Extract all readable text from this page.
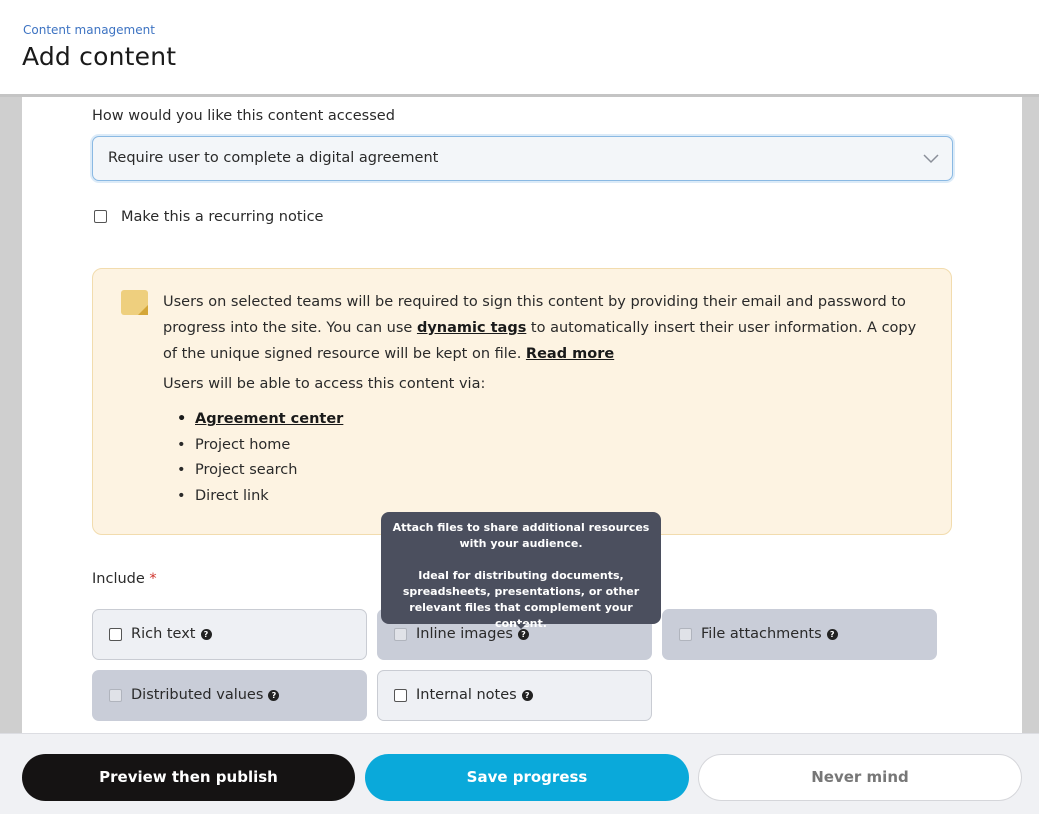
Content management
Add content
How would you like this content accessed
Require user to complete a digital agreement
Make this a recurring notice
Users on selected teams will be required to sign this content by providing their email and password to progress into the site. You can use dynamic tags to automatically insert their user information. A copy of the unique signed resource will be kept on file. Read more
Users will be able to access this content via:
• Agreement center
• Project home
• Project search
• Direct link
Include *
Rich text ?	Inline images ?	File attachments ?
Distributed values ?	Internal notes ?

Attach files to share additional resources with your audience.

Ideal for distributing documents, spreadsheets, presentations, or other relevant files that complement your content.

Preview then publish	Save progress	Never mind
